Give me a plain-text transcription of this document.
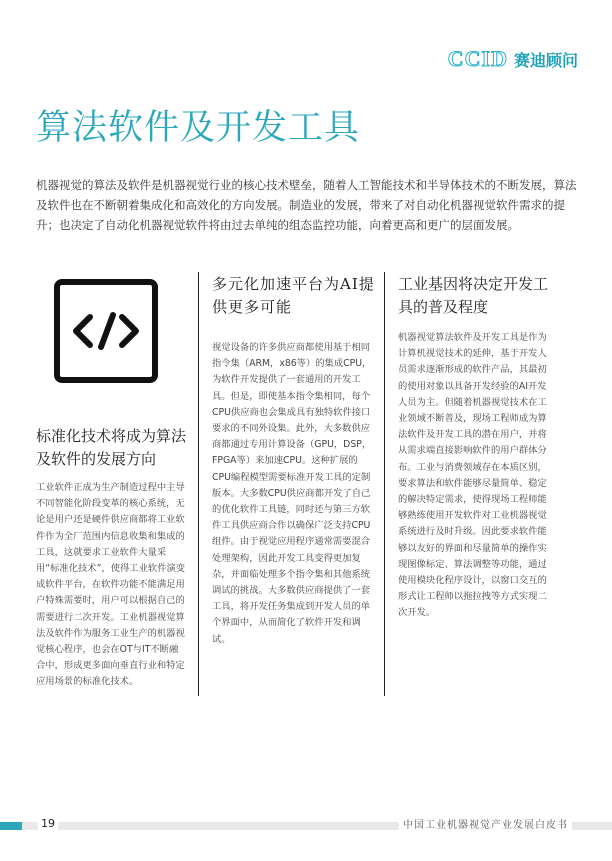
CCID 赛迪顾问
算法软件及开发工具
机器视觉的算法及软件是机器视觉行业的核心技术壁垒，随着人工智能技术和半导体技术的不断发展，算法及软件也在不断朝着集成化和高效化的方向发展。制造业的发展，带来了对自动化机器视觉软件需求的提升；也决定了自动化机器视觉软件将由过去单纯的组态监控功能，向着更高和更广的层面发展。
标准化技术将成为算法及软件的发展方向
工业软件正成为生产制造过程中主导不同智能化阶段变革的核心系统，无论是用户还是硬件供应商都将工业软件作为全厂范围内信息收集和集成的工具，这就要求工业软件大量采用“标准化技术”，使得工业软件演变成软件平台，在软件功能不能满足用户特殊需要时，用户可以根据自己的需要进行二次开发。工业机器视觉算法及软件作为服务工业生产的机器视觉核心程序，也会在OT与IT不断融合中，形成更多面向垂直行业和特定应用场景的标准化技术。
多元化加速平台为AI提供更多可能
视觉设备的许多供应商都使用基于相同指令集（ARM，x86等）的集成CPU，为软件开发提供了一套通用的开发工具。但是，即使基本指令集相同，每个CPU供应商也会集成具有独特软件接口要求的不同外设集。此外，大多数供应商都通过专用计算设备（GPU，DSP，FPGA等）来加速CPU。这种扩展的CPU编程模型需要标准开发工具的定制版本。大多数CPU供应商都开发了自己的优化软件工具链，同时还与第三方软件工具供应商合作以确保广泛支持CPU组件。由于视觉应用程序通常需要混合处理架构，因此开发工具变得更加复杂，并面临处理多个指令集和其他系统调试的挑战。大多数供应商提供了一套工具，将开发任务集成到开发人员的单个界面中，从而简化了软件开发和调试。
工业基因将决定开发工具的普及程度
机器视觉算法软件及开发工具是作为计算机视觉技术的延伸，基于开发人员需求逐渐形成的软件产品，其最初的使用对象以具备开发经验的AI开发人员为主。但随着机器视觉技术在工业领域不断普及，现场工程师成为算法软件及开发工具的潜在用户，并将从需求端直接影响软件的用户群体分布。工业与消费领域存在本质区别，要求算法和软件能够尽量简单、稳定的解决特定需求，使得现场工程师能够熟练使用开发软件对工业机器视觉系统进行及时升级。因此要求软件能够以友好的界面和尽量简单的操作实现图像标定、算法调整等功能，通过使用模块化程序设计，以窗口交互的形式让工程师以拖拉拽等方式实现二次开发。
19	中国工业机器视觉产业发展白皮书
